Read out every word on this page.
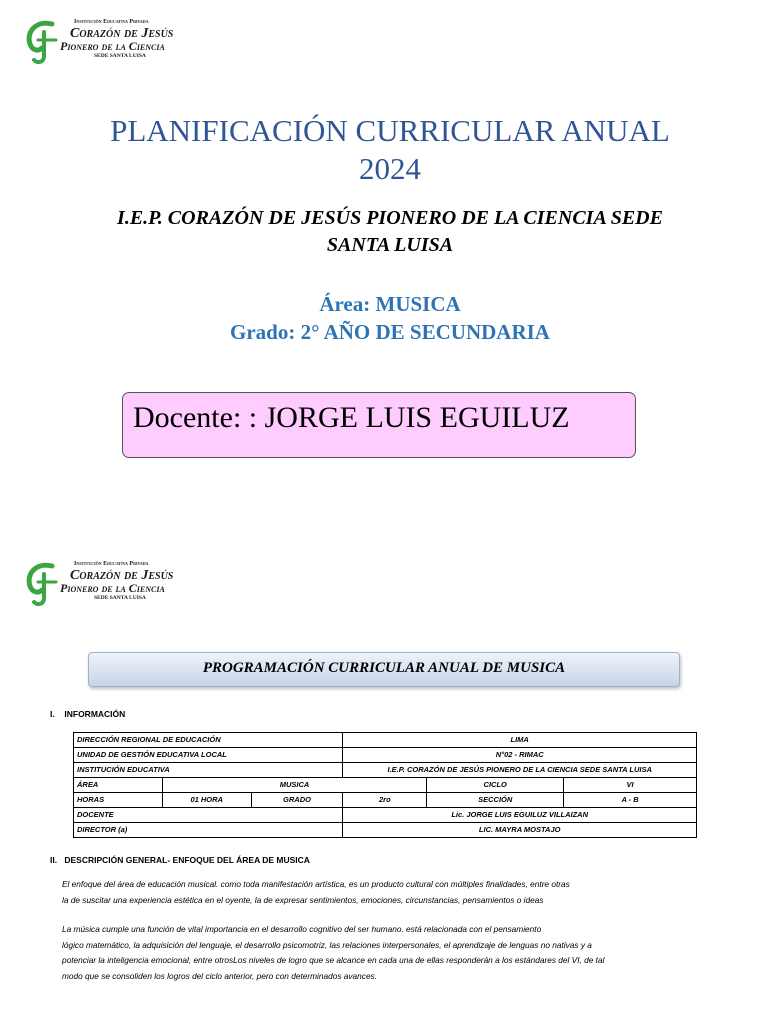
Institución Educativa Privada
Corazón de Jesús
Pionero de la Ciencia
SEDE SANTA LUISA
PLANIFICACIÓN CURRICULAR ANUAL
2024
I.E.P. CORAZÓN DE JESÚS PIONERO DE LA CIENCIA SEDE
SANTA LUISA
Área: MUSICA
Grado: 2° AÑO DE SECUNDARIA
Docente: : JORGE LUIS EGUILUZ
Institución Educativa Privada
Corazón de Jesús
Pionero de la Ciencia
SEDE SANTA LUISA
PROGRAMACIÓN CURRICULAR ANUAL DE MUSICA
I. INFORMACIÓN
DIRECCIÓN REGIONAL DE EDUCACIÓN			LIMA		
UNIDAD DE GESTIÓN EDUCATIVA LOCAL			N°02 - RIMAC		
INSTITUCIÓN EDUCATIVA			I.E.P. CORAZÓN DE JESÚS PIONERO DE LA CIENCIA SEDE SANTA LUISA		
ÁREA	MUSICA			CICLO	VI
HORAS	01 HORA	GRADO	2ro	SECCIÓN	A - B
DOCENTE			Lic. JORGE LUIS EGUILUZ VILLAIZAN		
DIRECTOR (a)			LIC. MAYRA MOSTAJO		
II. DESCRIPCIÓN GENERAL- ENFOQUE DEL ÁREA DE MUSICA

El enfoque del área de educación musical. como toda manifestación artística, es un producto cultural con múltiples finalidades, entre otras
la de suscitar una experiencia estética en el oyente, la de expresar sentimientos, emociones, circunstancias, pensamientos o ideas

La música cumple una función de vital importancia en el desarrollo cognitivo del ser humano. está relacionada con el pensamiento
lógico matemático, la adquisición del lenguaje, el desarrollo psicomotriz, las relaciones interpersonales, el aprendizaje de lenguas no nativas y a
potenciar la inteligencia emocional, entre otrosLos niveles de logro que se alcance en cada una de ellas responderán a los estándares del VI, de tal
modo que se consoliden los logros del ciclo anterior, pero con determinados avances.
